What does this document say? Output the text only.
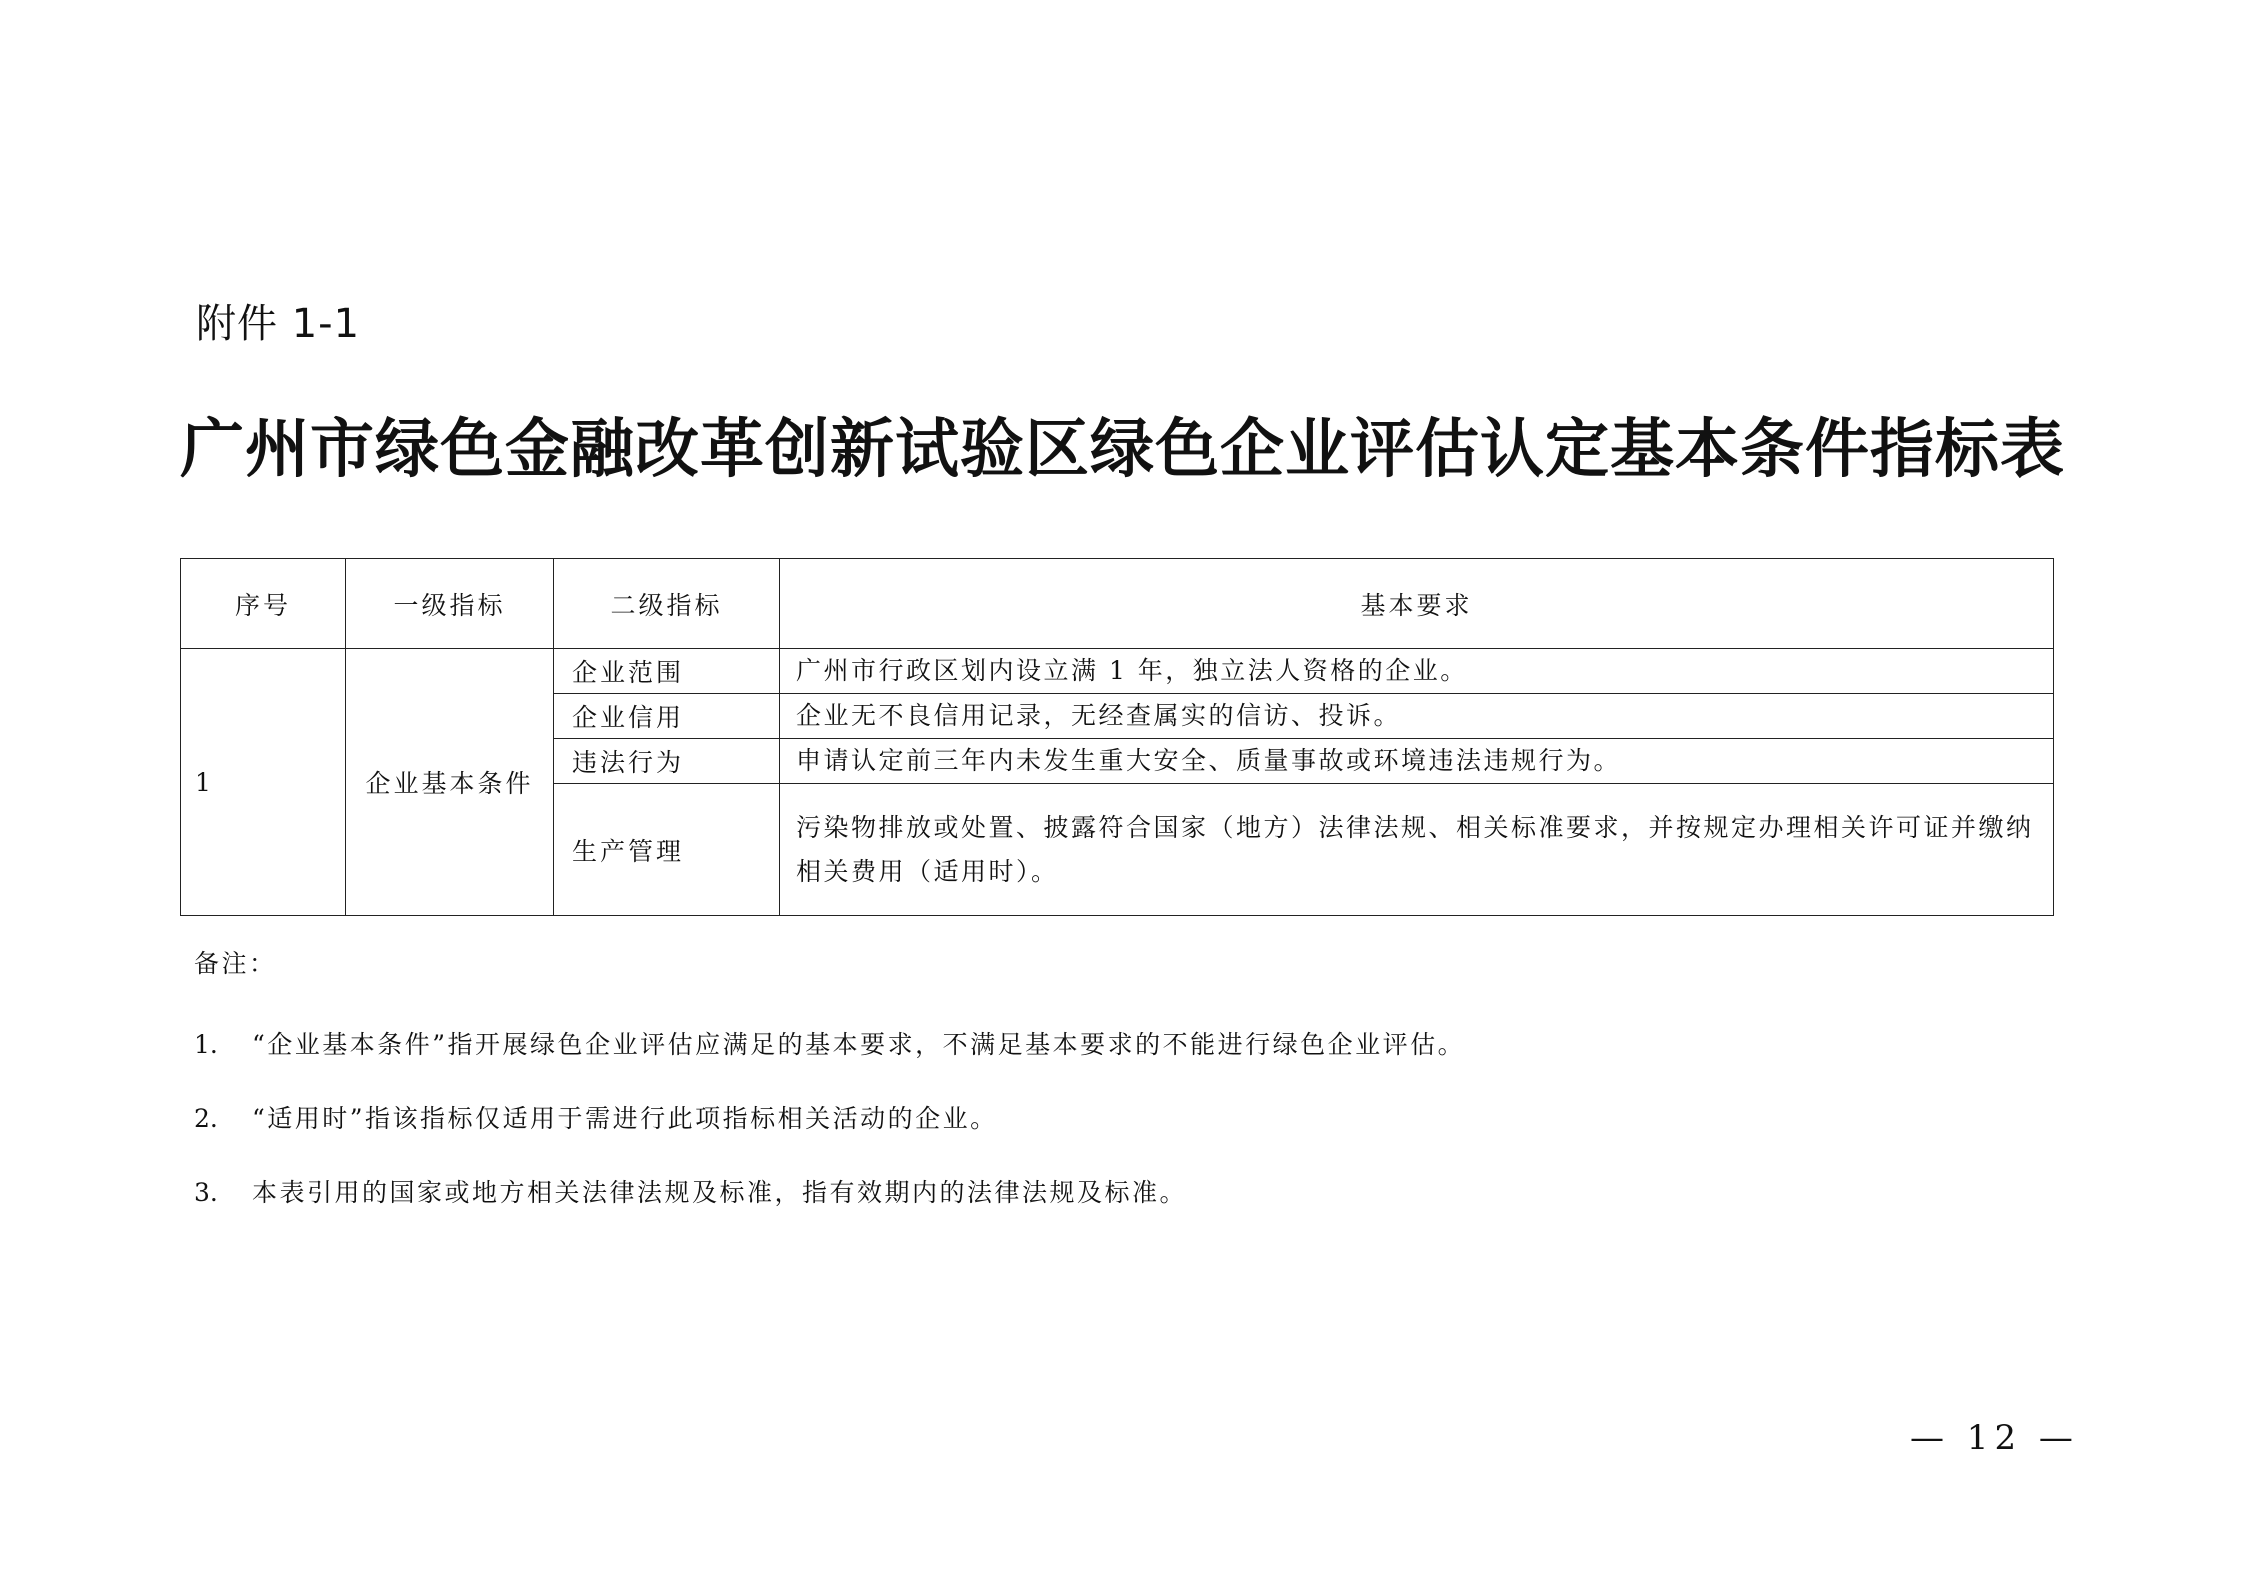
附件 1-1
广州市绿色金融改革创新试验区绿色企业评估认定基本条件指标表
序号	一级指标	二级指标	基本要求
1	企业基本条件	企业范围	广州市行政区划内设立满 1 年，独立法人资格的企业。
		企业信用	企业无不良信用记录，无经查属实的信访、投诉。
		违法行为	申请认定前三年内未发生重大安全、质量事故或环境违法违规行为。
		生产管理	污染物排放或处置、披露符合国家（地方）法律法规、相关标准要求，并按规定办理相关许可证并缴纳相关费用（适用时）。
备注：
1. “企业基本条件”指开展绿色企业评估应满足的基本要求，不满足基本要求的不能进行绿色企业评估。
2. “适用时”指该指标仅适用于需进行此项指标相关活动的企业。
3. 本表引用的国家或地方相关法律法规及标准，指有效期内的法律法规及标准。
— 12 —
